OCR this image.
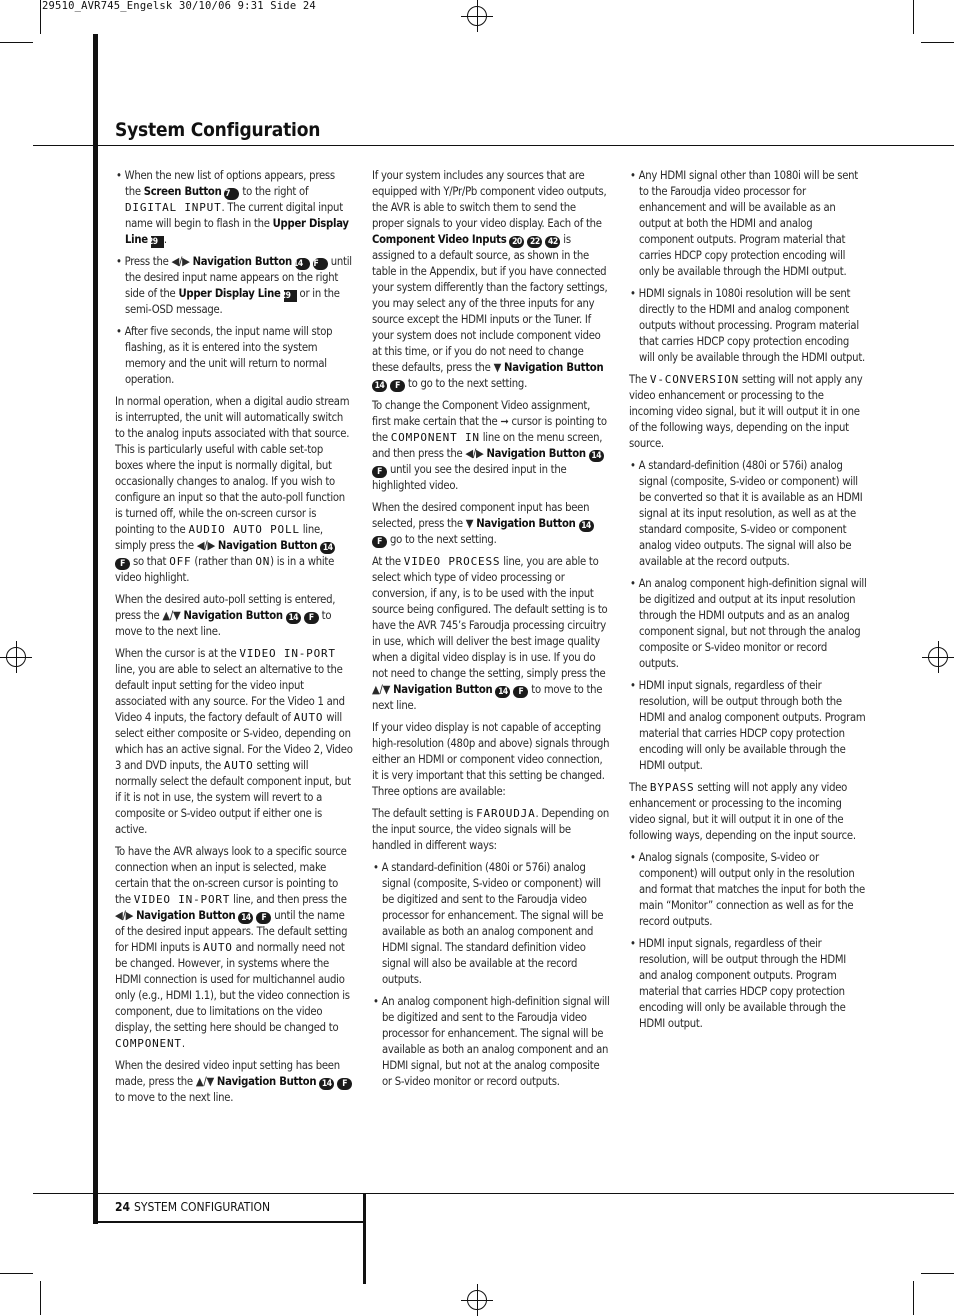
29510_AVR745_Engelsk 30/10/06 9:31 Side 24
System Configuration
24 SYSTEM CONFIGURATION

• When the new list of options appears, press the Screen Button 7 to the right of DIGITAL INPUT. The current digital input name will begin to flash in the Upper Display Line 29 .

• Press the ◀/▶ Navigation Button 14 F until the desired input name appears on the right side of the Upper Display Line 29 or in the semi-OSD message.

• After five seconds, the input name will stop flashing, as it is entered into the system memory and the unit will return to normal operation.

In normal operation, when a digital audio stream is interrupted, the unit will automatically switch to the analog inputs associated with that source. This is particularly useful with cable set-top boxes where the input is normally digital, but occasionally changes to analog. If you wish to configure an input so that the auto-poll function is turned off, while the on-screen cursor is pointing to the AUDIO AUTO POLL line, simply press the ◀/▶ Navigation Button 14 F so that OFF (rather than ON) is in a white video highlight.

When the desired auto-poll setting is entered, press the ▲/▼ Navigation Button 14 F to move to the next line.

When the cursor is at the VIDEO IN-PORT line, you are able to select an alternative to the default input setting for the video input associated with any source. For the Video 1 and Video 4 inputs, the factory default of AUTO will select either composite or S-video, depending on which has an active signal. For the Video 2, Video 3 and DVD inputs, the AUTO setting will normally select the default component input, but if it is not in use, the system will revert to a composite or S-video output if either one is active.

To have the AVR always look to a specific source connection when an input is selected, make certain that the on-screen cursor is pointing to the VIDEO IN-PORT line, and then press the ◀/▶ Navigation Button 14 F until the name of the desired input appears. The default setting for HDMI inputs is AUTO and normally need not be changed. However, in systems where the HDMI connection is used for multichannel audio only (e.g., HDMI 1.1), but the video connection is component, due to limitations on the video display, the setting here should be changed to COMPONENT.

When the desired video input setting has been made, press the ▲/▼ Navigation Button 14 F to move to the next line.

If your system includes any sources that are equipped with Y/Pr/Pb component video outputs, the AVR is able to switch them to send the proper signals to your video display. Each of the Component Video Inputs 20 22 42 is assigned to a default source, as shown in the table in the Appendix, but if you have connected your system differently than the factory settings, you may select any of the three inputs for any source except the HDMI inputs or the Tuner. If your system does not include component video at this time, or if you do not need to change these defaults, press the ▼ Navigation Button 14 F to go to the next setting.

To change the Component Video assignment, first make certain that the ➞ cursor is pointing to the COMPONENT IN line on the menu screen, and then press the ◀/▶ Navigation Button 14 F until you see the desired input in the highlighted video.

When the desired component input has been selected, press the ▼ Navigation Button 14 F go to the next setting.

At the VIDEO PROCESS line, you are able to select which type of video processing or conversion, if any, is to be used with the input source being configured. The default setting is to have the AVR 745’s Faroudja processing circuitry in use, which will deliver the best image quality when a digital video display is in use. If you do not need to change the setting, simply press the ▲/▼ Navigation Button 14 F to move to the next line.

If your video display is not capable of accepting high-resolution (480p and above) signals through either an HDMI or component video connection, it is very important that this setting be changed. Three options are available:

The default setting is FAROUDJA. Depending on the input source, the video signals will be handled in different ways:

• A standard-definition (480i or 576i) analog signal (composite, S-video or component) will be digitized and sent to the Faroudja video processor for enhancement. The signal will be available as both an analog component and HDMI signal. The standard definition video signal will also be available at the record outputs.

• An analog component high-definition signal will be digitized and sent to the Faroudja video processor for enhancement. The signal will be available as both an analog component and an HDMI signal, but not at the analog composite or S-video monitor or record outputs.

• Any HDMI signal other than 1080i will be sent to the Faroudja video processor for enhancement and will be available as an output at both the HDMI and analog component outputs. Program material that carries HDCP copy protection encoding will only be available through the HDMI output.

• HDMI signals in 1080i resolution will be sent directly to the HDMI and analog component outputs without processing. Program material that carries HDCP copy protection encoding will only be available through the HDMI output.

The V-CONVERSION setting will not apply any video enhancement or processing to the incoming video signal, but it will output it in one of the following ways, depending on the input source.

• A standard-definition (480i or 576i) analog signal (composite, S-video or component) will be converted so that it is available as an HDMI signal at its input resolution, as well as at the standard composite, S-video or component analog video outputs. The signal will also be available at the record outputs.

• An analog component high-definition signal will be digitized and output at its input resolution through the HDMI outputs and as an analog component signal, but not through the analog composite or S-video monitor or record outputs.

• HDMI input signals, regardless of their resolution, will be output through both the HDMI and analog component outputs. Program material that carries HDCP copy protection encoding will only be available through the HDMI output.

The BYPASS setting will not apply any video enhancement or processing to the incoming video signal, but it will output it in one of the following ways, depending on the input source.

• Analog signals (composite, S-video or component) will output only in the resolution and format that matches the input for both the main “Monitor” connection as well as for the record outputs.

• HDMI input signals, regardless of their resolution, will be output through the HDMI and analog component outputs. Program material that carries HDCP copy protection encoding will only be available through the HDMI output.
